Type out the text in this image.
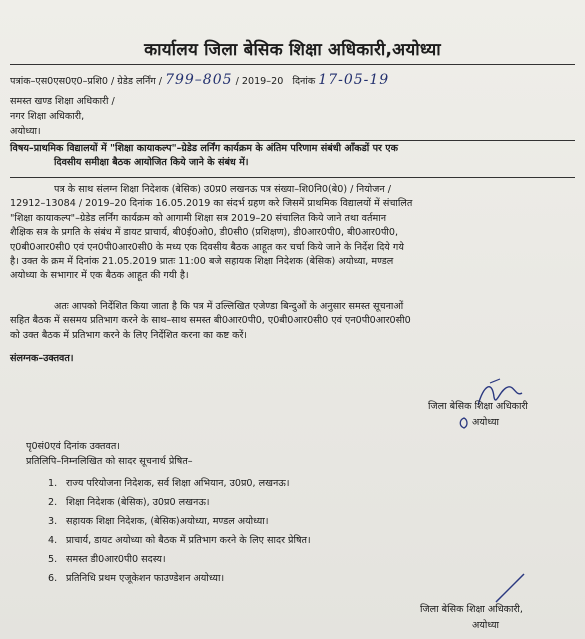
कार्यालय जिला बेसिक शिक्षा अधिकारी,अयोध्या
पत्रांक–एस0एस0ए0–प्रशि0 / ग्रेडेड लर्निंग / 799–805 / 2019–20 दिनांक 17-05-19
समस्त खण्ड शिक्षा अधिकारी /
नगर शिक्षा अधिकारी,
अयोध्या।
विषय–प्राथमिक विद्यालयों में "शिक्षा कायाकल्प"–ग्रेडेड लर्निंग कार्यक्रम के अंतिम परिणाम संबंधी आँकडों पर एक
दिवसीय समीक्षा बैठक आयोजित किये जाने के संबंध में।
पत्र के साथ संलग्न शिक्षा निदेशक (बेसिक) उ0प्र0 लखनऊ पत्र संख्या–शि0नि0(बे0) / नियोजन /
12912–13084 / 2019–20 दिनांक 16.05.2019 का संदर्भ ग्रहण करे जिसमें प्राथमिक विद्यालयों में संचालित
"शिक्षा कायाकल्प"–ग्रेडेड लर्निंग कार्यक्रम को आगामी शिक्षा सत्र 2019–20 संचालित किये जाने तथा वर्तमान
शैक्षिक सत्र के प्रगति के संबंध में डायट प्राचार्य, बी0ई0ओ0, डी0सी0 (प्रशिक्षण), डी0आर0पी0, बी0आर0पी0,
ए0बी0आर0सी0 एवं एन0पी0आर0सी0 के मध्य एक दिवसीय बैठक आहूत कर चर्चा किये जाने के निर्देश दिये गये
है। उक्त के क्रम में दिनांक 21.05.2019 प्रातः 11:00 बजे सहायक शिक्षा निदेशक (बेसिक) अयोध्या, मण्डल
अयोध्या के सभागार में एक बैठक आहूत की गयी है।
अतः आपको निर्देशित किया जाता है कि पत्र में उल्लिखित एजेण्डा बिन्दुओं के अनुसार समस्त सूचनाओं
सहित बैठक में ससमय प्रतिभाग करने के साथ–साथ समस्त बी0आर0पी0, ए0बी0आर0सी0 एवं एन0पी0आर0सी0
को उक्त बैठक में प्रतिभाग करने के लिए निर्देशित करना का कष्ट करें।
संलग्नक–उक्तवत।
जिला बेसिक शिक्षा अधिकारी
अयोध्या
पृ0सं0एवं दिनांक उक्तवत।
प्रतिलिपि–निम्नलिखित को सादर सूचनार्थ प्रेषित–
1. राज्य परियोजना निदेशक, सर्व शिक्षा अभियान, उ0प्र0, लखनऊ।
2. शिक्षा निदेशक (बेसिक), उ0प्र0 लखनऊ।
3. सहायक शिक्षा निदेशक, (बेसिक)अयोध्या, मण्डल अयोध्या।
4. प्राचार्य, डायट अयोध्या को बैठक में प्रतिभाग करने के लिए सादर प्रेषित।
5. समस्त डी0आर0पी0 सदस्य।
6. प्रतिनिधि प्रथम एजूकेशन फाउण्डेशन अयोध्या।
जिला बेसिक शिक्षा अधिकारी,
अयोध्या
